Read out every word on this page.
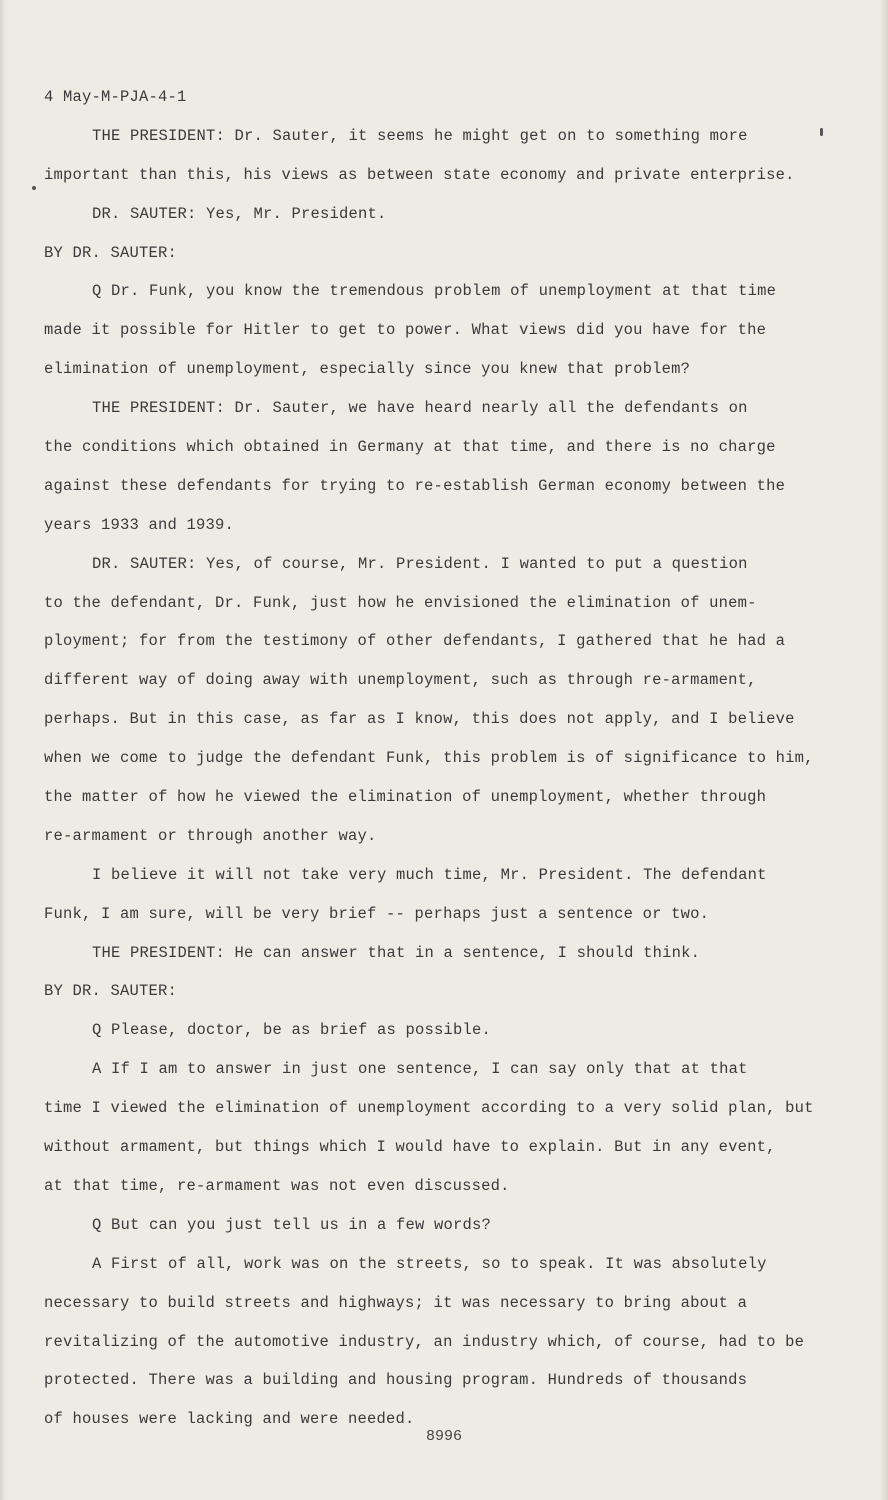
4 May-M-PJA-4-1
THE PRESIDENT: Dr. Sauter, it seems he might get on to something more
important than this, his views as between state economy and private enterprise.
DR. SAUTER: Yes, Mr. President.
BY DR. SAUTER:
Q Dr. Funk, you know the tremendous problem of unemployment at that time
made it possible for Hitler to get to power. What views did you have for the
elimination of unemployment, especially since you knew that problem?
THE PRESIDENT: Dr. Sauter, we have heard nearly all the defendants on
the conditions which obtained in Germany at that time, and there is no charge
against these defendants for trying to re-establish German economy between the
years 1933 and 1939.
DR. SAUTER: Yes, of course, Mr. President. I wanted to put a question
to the defendant, Dr. Funk, just how he envisioned the elimination of unem-
ployment; for from the testimony of other defendants, I gathered that he had a
different way of doing away with unemployment, such as through re-armament,
perhaps. But in this case, as far as I know, this does not apply, and I believe
when we come to judge the defendant Funk, this problem is of significance to him,
the matter of how he viewed the elimination of unemployment, whether through
re-armament or through another way.
I believe it will not take very much time, Mr. President. The defendant
Funk, I am sure, will be very brief -- perhaps just a sentence or two.
THE PRESIDENT: He can answer that in a sentence, I should think.
BY DR. SAUTER:
Q Please, doctor, be as brief as possible.
A If I am to answer in just one sentence, I can say only that at that
time I viewed the elimination of unemployment according to a very solid plan, but
without armament, but things which I would have to explain. But in any event,
at that time, re-armament was not even discussed.
Q But can you just tell us in a few words?
A First of all, work was on the streets, so to speak. It was absolutely
necessary to build streets and highways; it was necessary to bring about a
revitalizing of the automotive industry, an industry which, of course, had to be
protected. There was a building and housing program. Hundreds of thousands
of houses were lacking and were needed.
8996
